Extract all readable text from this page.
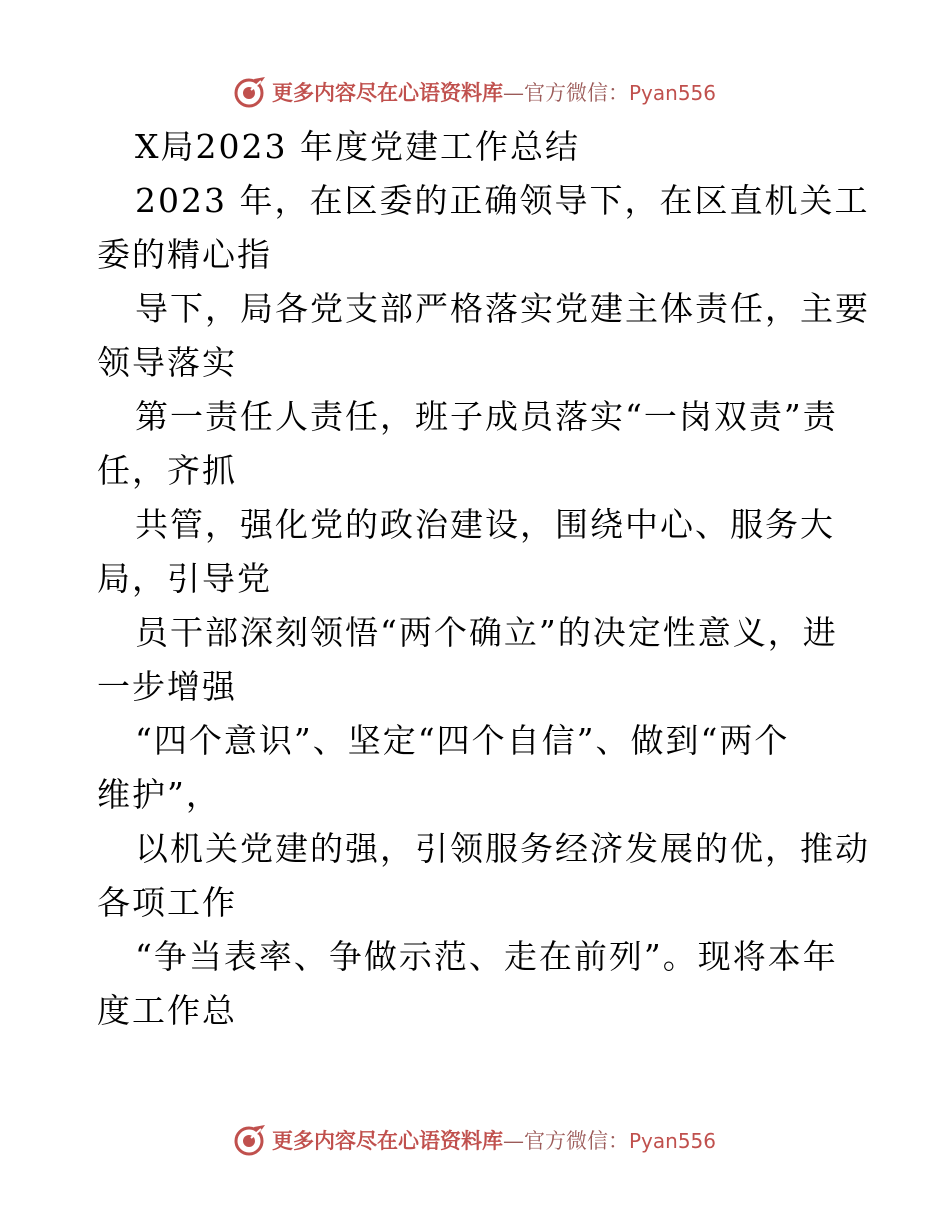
更多内容尽在心语资料库—官方微信：Pyan556
X局2023 年度党建工作总结
2023 年，在区委的正确领导下，在区直机关工
委的精心指
导下，局各党支部严格落实党建主体责任，主要
领导落实
第一责任人责任，班子成员落实“一岗双责”责
任，齐抓
共管，强化党的政治建设，围绕中心、服务大
局，引导党
员干部深刻领悟“两个确立”的决定性意义，进
一步增强
“四个意识”、坚定“四个自信”、做到“两个
维护”，
以机关党建的强，引领服务经济发展的优，推动
各项工作
“争当表率、争做示范、走在前列”。现将本年
度工作总
更多内容尽在心语资料库—官方微信：Pyan556
